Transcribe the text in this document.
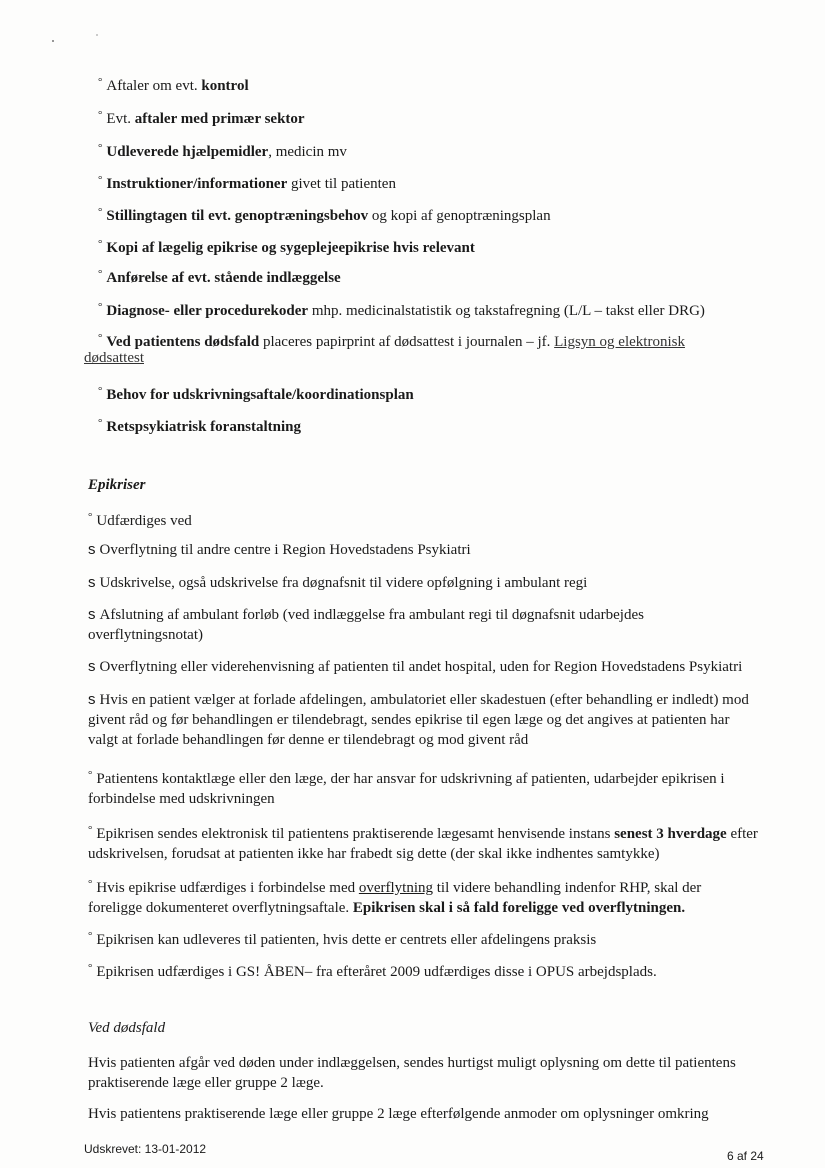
° Aftaler om evt. kontrol
° Evt. aftaler med primær sektor
° Udleverede hjælpemidler, medicin mv
° Instruktioner/informationer givet til patienten
° Stillingtagen til evt. genoptræningsbehov og kopi af genoptræningsplan
° Kopi af lægelig epikrise og sygeplejeepikrise hvis relevant
° Anførelse af evt. stående indlæggelse
° Diagnose- eller procedurekoder mhp. medicinalstatistik og takstafregning (L/L – takst eller DRG)
° Ved patientens dødsfald placeres papirprint af dødsattest i journalen – jf. Ligsyn og elektronisk
dødsattest
° Behov for udskrivningsaftale/koordinationsplan
° Retspsykiatrisk foranstaltning
Epikriser
° Udfærdiges ved
s Overflytning til andre centre i Region Hovedstadens Psykiatri
s Udskrivelse, også udskrivelse fra døgnafsnit til videre opfølgning i ambulant regi
s Afslutning af ambulant forløb (ved indlæggelse fra ambulant regi til døgnafsnit udarbejdes overflytningsnotat)
s Overflytning eller viderehenvisning af patienten til andet hospital, uden for Region Hovedstadens Psykiatri
s Hvis en patient vælger at forlade afdelingen, ambulatoriet eller skadestuen (efter behandling er indledt) mod givent råd og før behandlingen er tilendebragt, sendes epikrise til egen læge og det angives at patienten har valgt at forlade behandlingen før denne er tilendebragt og mod givent råd
° Patientens kontaktlæge eller den læge, der har ansvar for udskrivning af patienten, udarbejder epikrisen i forbindelse med udskrivningen
° Epikrisen sendes elektronisk til patientens praktiserende lægesamt henvisende instans senest 3 hverdage efter udskrivelsen, forudsat at patienten ikke har frabedt sig dette (der skal ikke indhentes samtykke)
° Hvis epikrise udfærdiges i forbindelse med overflytning til videre behandling indenfor RHP, skal der foreligge dokumenteret overflytningsaftale. Epikrisen skal i så fald foreligge ved overflytningen.
° Epikrisen kan udleveres til patienten, hvis dette er centrets eller afdelingens praksis
° Epikrisen udfærdiges i GS! ÅBEN– fra efteråret 2009 udfærdiges disse i OPUS arbejdsplads.
Ved dødsfald
Hvis patienten afgår ved døden under indlæggelsen, sendes hurtigst muligt oplysning om dette til patientens praktiserende læge eller gruppe 2 læge.
Hvis patientens praktiserende læge eller gruppe 2 læge efterfølgende anmoder om oplysninger omkring
Udskrevet: 13-01-2012	6 af 24
